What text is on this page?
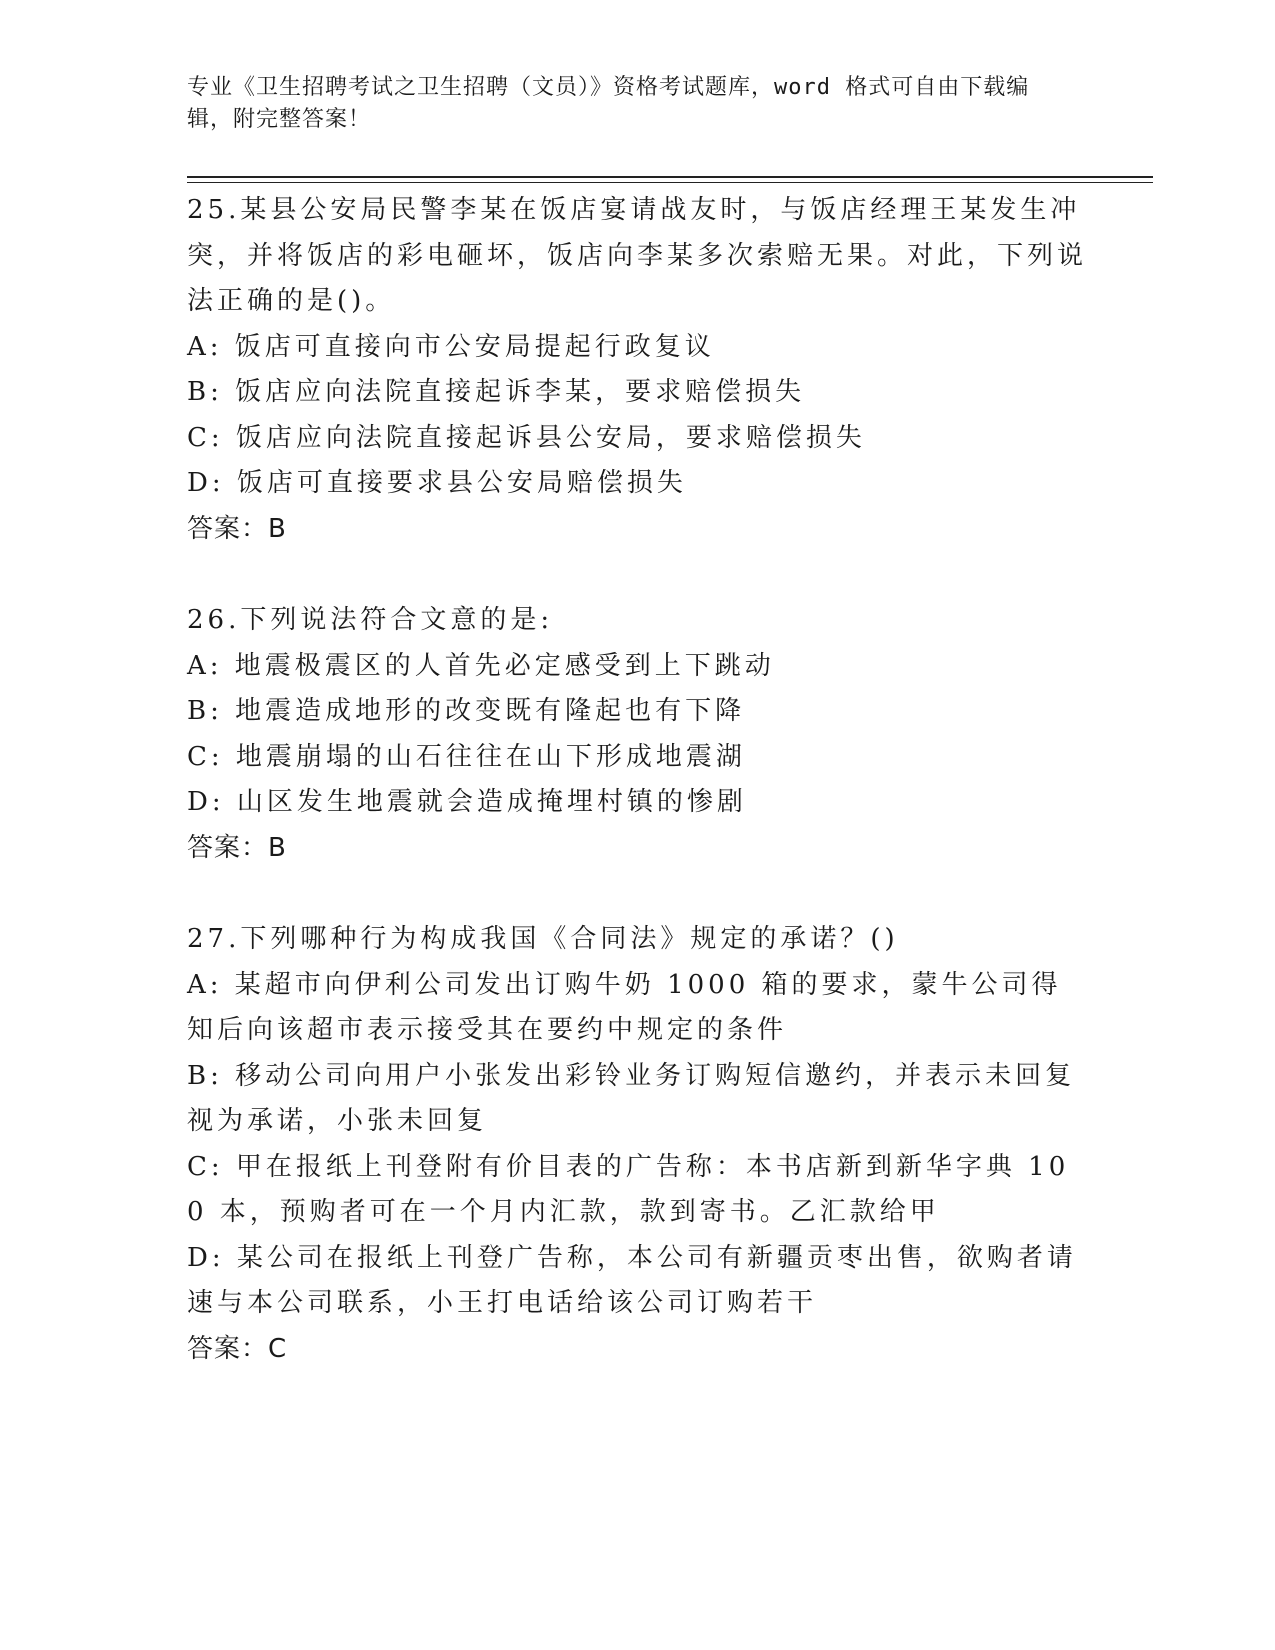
专业《卫生招聘考试之卫生招聘（文员）》资格考试题库，word 格式可自由下载编辑，附完整答案！
25.某县公安局民警李某在饭店宴请战友时，与饭店经理王某发生冲突，并将饭店的彩电砸坏，饭店向李某多次索赔无果。对此，下列说法正确的是()。
A: 饭店可直接向市公安局提起行政复议
B: 饭店应向法院直接起诉李某，要求赔偿损失
C: 饭店应向法院直接起诉县公安局，要求赔偿损失
D: 饭店可直接要求县公安局赔偿损失
答案：B
26.下列说法符合文意的是:
A: 地震极震区的人首先必定感受到上下跳动
B: 地震造成地形的改变既有隆起也有下降
C: 地震崩塌的山石往往在山下形成地震湖
D: 山区发生地震就会造成掩埋村镇的惨剧
答案：B
27.下列哪种行为构成我国《合同法》规定的承诺？()
A: 某超市向伊利公司发出订购牛奶 1000 箱的要求，蒙牛公司得知后向该超市表示接受其在要约中规定的条件
B: 移动公司向用户小张发出彩铃业务订购短信邀约，并表示未回复视为承诺，小张未回复
C: 甲在报纸上刊登附有价目表的广告称：本书店新到新华字典 100 本，预购者可在一个月内汇款，款到寄书。乙汇款给甲
D: 某公司在报纸上刊登广告称，本公司有新疆贡枣出售，欲购者请速与本公司联系，小王打电话给该公司订购若干
答案：C
